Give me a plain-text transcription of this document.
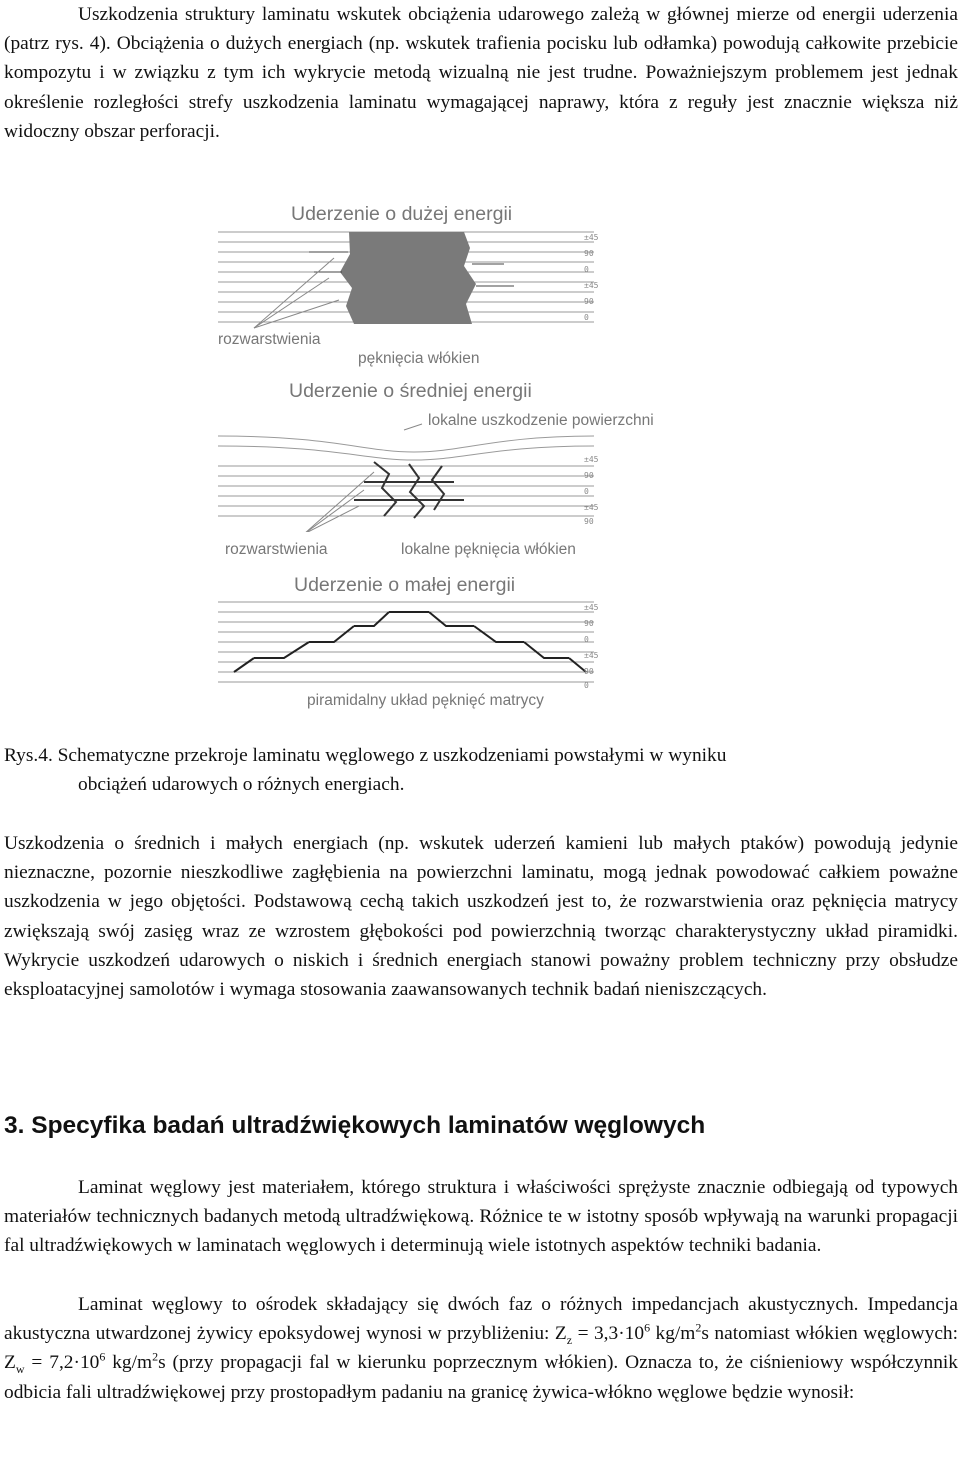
Uszkodzenia struktury laminatu wskutek obciążenia udarowego zależą w głównej mierze od energii uderzenia (patrz rys. 4). Obciążenia o dużych energiach (np. wskutek trafienia pocisku lub odłamka) powodują całkowite przebicie kompozytu i w związku z tym ich wykrycie metodą wizualną nie jest trudne. Poważniejszym problemem jest jednak określenie rozległości strefy uszkodzenia laminatu wymagającej naprawy, która z reguły jest znacznie większa niż widoczny obszar perforacji.

Uderzenie o dużej energii
±45
90
0
±45
90
0
rozwarstwienia
pęknięcia włókien
Uderzenie o średniej energii
lokalne uszkodzenie powierzchni
±45
90
0
±45
90
rozwarstwienia	lokalne pęknięcia włókien
Uderzenie o małej energii
±45
90
0
±45
90
0
piramidalny układ pęknięć matrycy
Rys.4. Schematyczne przekroje laminatu węglowego z uszkodzeniami powstałymi w wyniku
obciążeń udarowych o różnych energiach.

Uszkodzenia o średnich i małych energiach (np. wskutek uderzeń kamieni lub małych ptaków) powodują jedynie nieznaczne, pozornie nieszkodliwe zagłębienia na powierzchni laminatu, mogą jednak powodować całkiem poważne uszkodzenia w jego objętości. Podstawową cechą takich uszkodzeń jest to, że rozwarstwienia oraz pęknięcia matrycy zwiększają swój zasięg wraz ze wzrostem głębokości pod powierzchnią tworząc charakterystyczny układ piramidki. Wykrycie uszkodzeń udarowych o niskich i średnich energiach stanowi poważny problem techniczny przy obsłudze eksploatacyjnej samolotów i wymaga stosowania zaawansowanych technik badań nieniszczących.

3. Specyfika badań ultradźwiękowych laminatów węglowych

Laminat węglowy jest materiałem, którego struktura i właściwości sprężyste znacznie odbiegają od typowych materiałów technicznych badanych metodą ultradźwiękową. Różnice te w istotny sposób wpływają na warunki propagacji fal ultradźwiękowych w laminatach węglowych i determinują wiele istotnych aspektów techniki badania.

Laminat węglowy to ośrodek składający się dwóch faz o różnych impedancjach akustycznych. Impedancja akustyczna utwardzonej żywicy epoksydowej wynosi w przybliżeniu: $Z_z = 3,3\cdot 10^6$ $kg/m^2s$ natomiast włókien węglowych: $Z_w = 7,2\cdot 10^6$ $kg/m^2s$ (przy propagacji fal w kierunku poprzecznym włókien). Oznacza to, że ciśnieniowy współczynnik odbicia fali ultradźwiękowej przy prostopadłym padaniu na granicę żywica-włókno węglowe będzie wynosił:
